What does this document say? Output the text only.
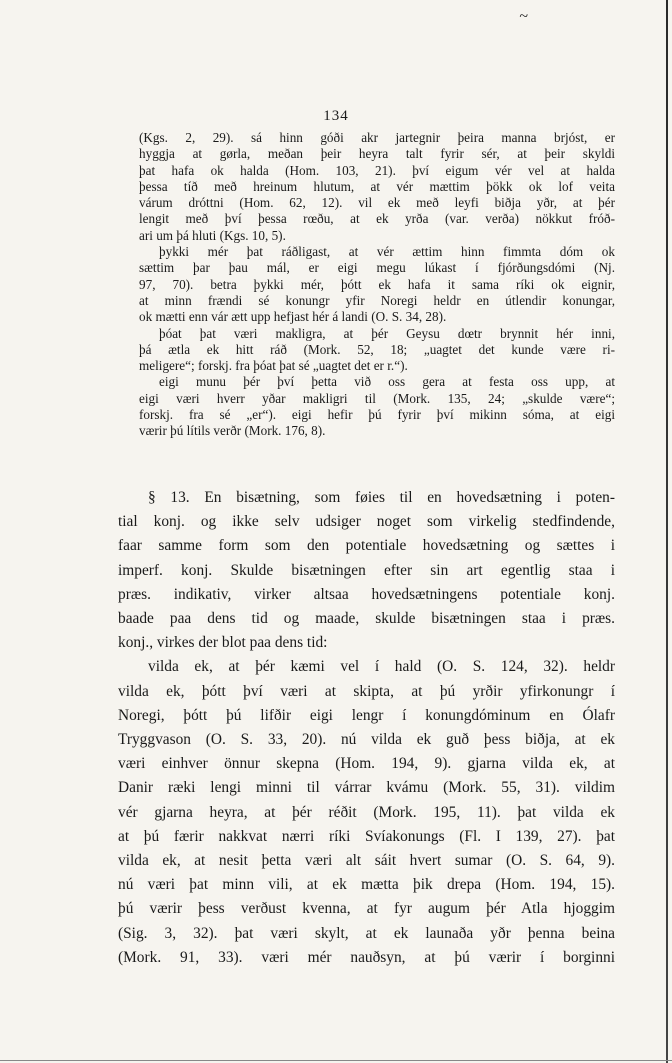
~
134

(Kgs. 2, 29). sá hinn góði akr jartegnir þeira manna brjóst, er

hyggja at gørla, meðan þeir heyra talt fyrir sér, at þeir skyldi

þat hafa ok halda (Hom. 103, 21). því eigum vér vel at halda

þessa tíð með hreinum hlutum, at vér mættim þökk ok lof veita

várum dróttni (Hom. 62, 12). vil ek með leyfi biðja yðr, at þér

lengit með því þessa rœðu, at ek yrða (var. verða) nökkut fróð-

ari um þá hluti (Kgs. 10, 5).

þykki mér þat ráðligast, at vér ættim hinn fimmta dóm ok

sættim þar þau mál, er eigi megu lúkast í fjórðungsdómi (Nj.

97, 70). betra þykki mér, þótt ek hafa it sama ríki ok eignir,

at minn frændi sé konungr yfir Noregi heldr en útlendir konungar,

ok mætti enn vár ætt upp hefjast hér á landi (O. S. 34, 28).

þóat þat væri makligra, at þér Geysu dœtr brynnit hér inni,

þá ætla ek hitt ráð (Mork. 52, 18; „uagtet det kunde være ri-

meligere“; forskj. fra þóat þat sé „uagtet det er r.“).

eigi munu þér því þetta við oss gera at festa oss upp, at

eigi væri hverr yðar makligri til (Mork. 135, 24; „skulde være“;

forskj. fra sé „er“). eigi hefir þú fyrir því mikinn sóma, at eigi

værir þú lítils verðr (Mork. 176, 8).

§ 13. En bisætning, som føies til en hovedsætning i poten-

tial konj. og ikke selv udsiger noget som virkelig stedfindende,

faar samme form som den potentiale hovedsætning og sættes i

imperf. konj. Skulde bisætningen efter sin art egentlig staa i

præs. indikativ, virker altsaa hovedsætningens potentiale konj.

baade paa dens tid og maade, skulde bisætningen staa i præs.

konj., virkes der blot paa dens tid:

vilda ek, at þér kæmi vel í hald (O. S. 124, 32). heldr

vilda ek, þótt því væri at skipta, at þú yrðir yfirkonungr í

Noregi, þótt þú lifðir eigi lengr í konungdóminum en Ólafr

Tryggvason (O. S. 33, 20). nú vilda ek guð þess biðja, at ek

væri einhver önnur skepna (Hom. 194, 9). gjarna vilda ek, at

Danir ræki lengi minni til várrar kvámu (Mork. 55, 31). vildim

vér gjarna heyra, at þér réðit (Mork. 195, 11). þat vilda ek

at þú færir nakkvat nærri ríki Svíakonungs (Fl. I 139, 27). þat

vilda ek, at nesit þetta væri alt sáit hvert sumar (O. S. 64, 9).

nú væri þat minn vili, at ek mætta þik drepa (Hom. 194, 15).

þú værir þess verðust kvenna, at fyr augum þér Atla hjoggim

(Sig. 3, 32). þat væri skylt, at ek launaða yðr þenna beina

(Mork. 91, 33). væri mér nauðsyn, at þú værir í borginni
